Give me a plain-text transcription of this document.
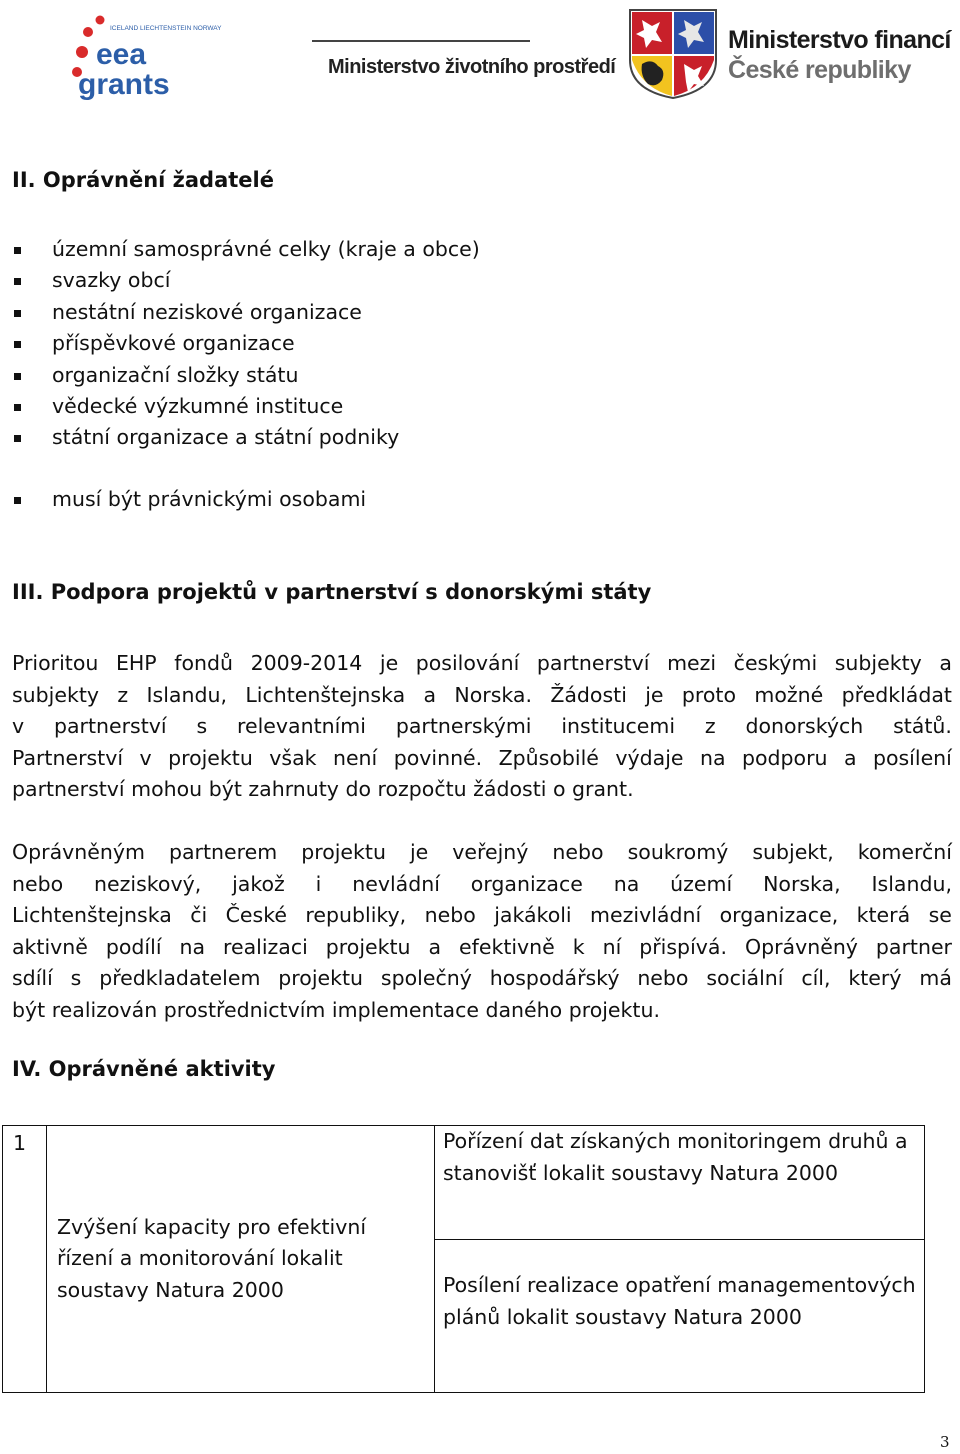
ICELAND LIECHTENSTEIN NORWAY
eea
grants
Ministerstvo životního prostředí
Ministerstvo financí
České republiky
II. Oprávnění žadatelé
územní samosprávné celky (kraje a obce)
svazky obcí
nestátní neziskové organizace
příspěvkové organizace
organizační složky státu
vědecké výzkumné instituce
státní organizace a státní podniky
musí být právnickými osobami
III. Podpora projektů v partnerství s donorskými státy
Prioritou EHP fondů 2009-2014 je posilování partnerství mezi českými subjekty a
subjekty z Islandu, Lichtenštejnska a Norska. Žádosti je proto možné předkládat
v partnerství s relevantními partnerskými institucemi z donorských států.
Partnerství v projektu však není povinné. Způsobilé výdaje na podporu a posílení
partnerství mohou být zahrnuty do rozpočtu žádosti o grant.
Oprávněným partnerem projektu je veřejný nebo soukromý subjekt, komerční
nebo neziskový, jakož i nevládní organizace na území Norska, Islandu,
Lichtenštejnska či České republiky, nebo jakákoli mezivládní organizace, která se
aktivně podílí na realizaci projektu a efektivně k ní přispívá. Oprávněný partner
sdílí s předkladatelem projektu společný hospodářský nebo sociální cíl, který má
být realizován prostřednictvím implementace daného projektu.
IV. Oprávněné aktivity
1	Zvýšení kapacity pro efektivní řízení a monitorování lokalit soustavy Natura 2000	Pořízení dat získaných monitoringem druhů a stanovišť lokalit soustavy Natura 2000
Posílení realizace opatření managementových plánů lokalit soustavy Natura 2000
3
